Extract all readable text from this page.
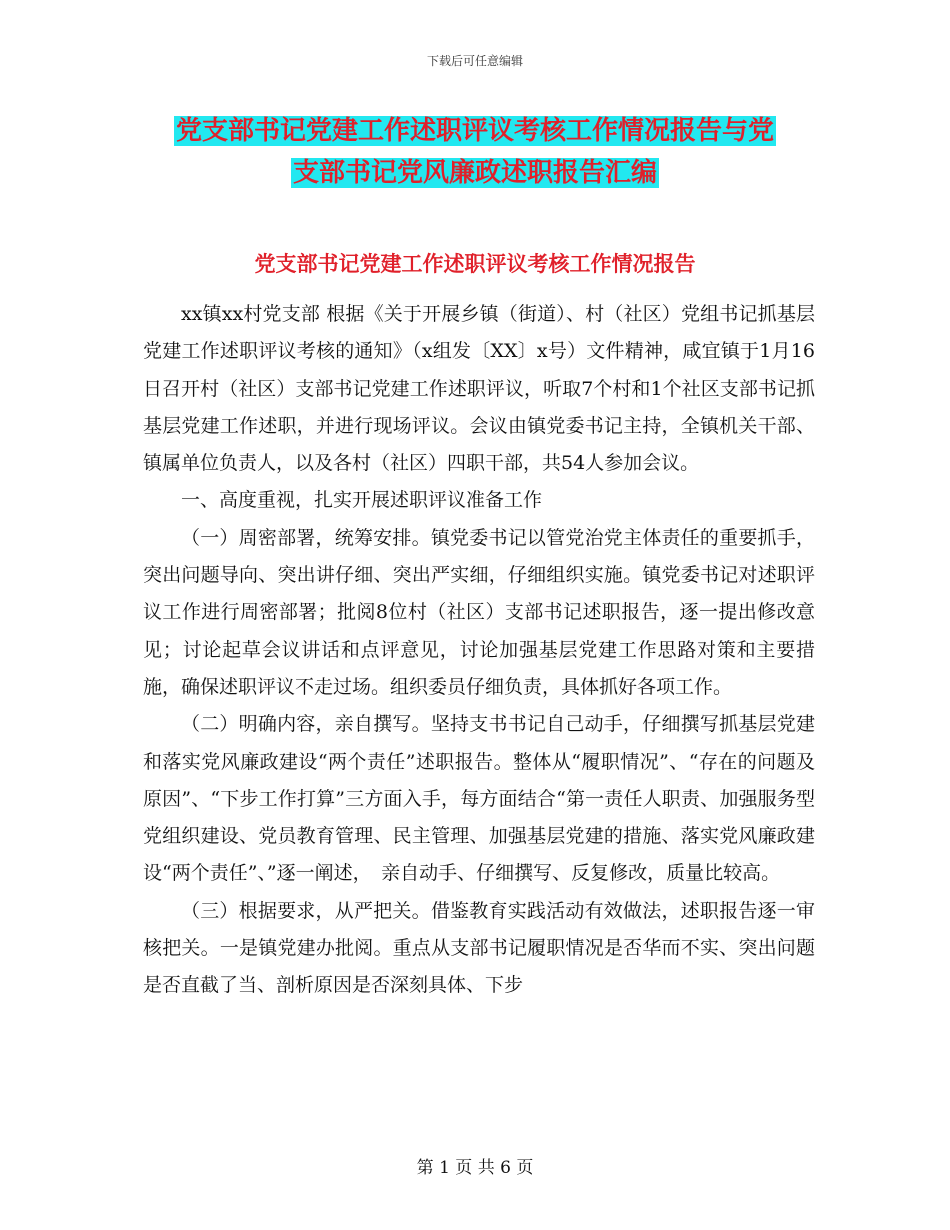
下载后可任意编辑
党支部书记党建工作述职评议考核工作情况报告与党
支部书记党风廉政述职报告汇编
党支部书记党建工作述职评议考核工作情况报告

xx镇xx村党支部 根据《关于开展乡镇（街道）、村（社区）党组书记抓基层党建工作述职评议考核的通知》（x组发〔XX〕x号）文件精神，咸宜镇于1月16日召开村（社区）支部书记党建工作述职评议，听取7个村和1个社区支部书记抓基层党建工作述职，并进行现场评议。会议由镇党委书记主持，全镇机关干部、镇属单位负责人，以及各村（社区）四职干部，共54人参加会议。

一、高度重视，扎实开展述职评议准备工作

（一）周密部署，统筹安排。镇党委书记以管党治党主体责任的重要抓手，突出问题导向、突出讲仔细、突出严实细，仔细组织实施。镇党委书记对述职评议工作进行周密部署；批阅8位村（社区）支部书记述职报告，逐一提出修改意见；讨论起草会议讲话和点评意见，讨论加强基层党建工作思路对策和主要措施，确保述职评议不走过场。组织委员仔细负责，具体抓好各项工作。

（二）明确内容，亲自撰写。坚持支书书记自己动手，仔细撰写抓基层党建和落实党风廉政建设“两个责任”述职报告。整体从“履职情况”、“存在的问题及原因”、“下步工作打算”三方面入手，每方面结合“第一责任人职责、加强服务型党组织建设、党员教育管理、民主管理、加强基层党建的措施、落实党风廉政建设“两个责任”、”逐一阐述，　亲自动手、仔细撰写、反复修改，质量比较高。

（三）根据要求，从严把关。借鉴教育实践活动有效做法，述职报告逐一审核把关。一是镇党建办批阅。重点从支部书记履职情况是否华而不实、突出问题是否直截了当、剖析原因是否深刻具体、下步

第 1 页 共 6 页
